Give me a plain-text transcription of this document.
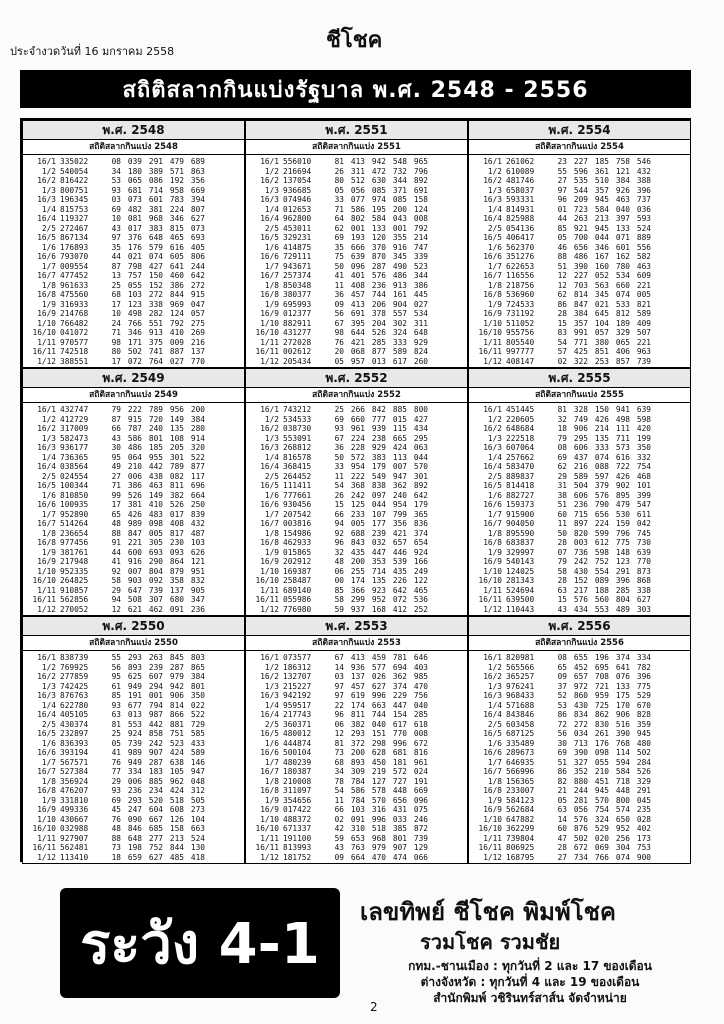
ประจำงวดวันที่ 16 มกราคม 2558	ชีโชค
สถิติสลากกินแบ่งรัฐบาล พ.ศ. 2548 - 2556
พ.ศ. 2548
สถิติสลากกินแบ่ง 2548
16/1 335022	08 039 291 479 689
1/2 540054	34 180 389 571 863
16/2 816422	53 065 086 192 356
1/3 800751	93 681 714 958 669
16/3 196345	03 073 601 783 394
1/4 815753	69 482 381 224 807
16/4 119327	10 081 968 346 627
2/5 272467	43 017 383 815 073
16/5 867134	97 376 648 465 693
1/6 176893	35 176 579 616 405
16/6 793070	44 021 074 605 806
1/7 009554	87 798 427 641 244
16/7 477452	13 757 150 460 642
1/8 961633	25 055 152 386 272
16/8 475560	68 103 272 844 915
1/9 316933	17 123 338 969 047
16/9 214768	10 498 282 124 057
1/10 766482	24 766 551 792 275
16/10 041072	71 346 913 410 269
1/11 970577	98 171 375 009 216
16/11 742518	80 502 741 887 137
1/12 388551	17 072 764 027 770
พ.ศ. 2551
สถิติสลากกินแบ่ง 2551
16/1 556010	81 413 942 548 965
1/2 216694	26 311 472 732 796
16/2 137054	80 512 630 344 892
1/3 936685	05 056 085 371 691
16/3 074946	33 077 974 085 158
1/4 012653	71 586 195 200 124
16/4 962800	64 802 584 043 008
2/5 453011	62 001 133 001 792
16/5 329231	69 193 120 355 214
1/6 414875	35 666 370 916 747
16/6 729111	75 639 870 345 339
1/7 943671	50 096 287 490 523
16/7 257374	41 401 576 486 344
1/8 850348	11 408 236 913 386
16/8 380377	36 457 744 161 445
1/9 695993	09 413 206 904 027
16/9 012377	56 691 378 557 534
1/10 882911	67 395 204 302 311
16/10 431277	98 644 526 324 648
1/11 272028	76 421 285 333 929
16/11 002612	20 068 877 589 824
1/12 205434	05 957 013 617 260
พ.ศ. 2554
สถิติสลากกินแบ่ง 2554
16/1 261062	23 227 185 758 546
1/2 610089	55 596 361 121 432
16/2 481746	27 535 510 384 388
1/3 658037	97 544 357 926 396
16/3 593331	96 209 945 463 737
1/4 814931	01 723 584 040 036
16/4 825988	44 263 213 397 593
2/5 054136	85 921 945 133 524
16/5 406417	05 700 044 071 889
1/6 562370	46 656 346 601 556
16/6 351276	88 486 167 162 582
1/7 622653	51 390 160 780 463
16/7 116556	12 227 052 534 609
1/8 218756	12 703 563 660 221
16/8 536960	62 814 345 074 005
1/9 724533	86 847 021 533 821
16/9 731192	28 384 645 812 589
1/10 511052	15 357 104 189 409
16/10 955756	83 991 057 329 507
1/11 805540	54 771 380 065 221
16/11 997777	57 425 851 406 963
1/12 408147	02 322 253 857 739
พ.ศ. 2549
สถิติสลากกินแบ่ง 2549
16/1 432747	79 222 789 956 200
1/2 412729	87 915 720 149 384
16/2 317009	66 787 240 135 280
1/3 582473	43 586 801 108 914
16/3 936177	30 486 185 205 320
1/4 736365	95 064 955 301 522
16/4 038564	49 210 442 789 877
2/5 024554	27 006 438 082 117
16/5 100344	71 386 463 811 696
1/6 810850	99 526 149 382 664
16/6 100935	17 381 410 526 250
1/7 952890	65 426 483 017 839
16/7 514264	48 989 098 408 432
1/8 236654	88 847 005 817 487
16/8 977456	91 221 305 230 103
1/9 381761	44 600 693 093 626
16/9 217948	41 916 290 864 121
1/10 952335	92 007 804 879 951
16/10 264825	58 903 092 358 832
1/11 910857	29 647 739 137 905
16/11 562856	94 508 307 680 347
1/12 270052	12 621 462 091 236
พ.ศ. 2552
สถิติสลากกินแบ่ง 2552
16/1 743212	25 266 842 885 800
1/2 534533	69 660 777 015 427
16/2 038730	93 961 939 115 434
1/3 553091	67 224 238 665 295
16/3 268812	36 228 929 424 063
1/4 816578	50 572 383 113 044
16/4 368415	33 954 179 007 570
2/5 264452	11 222 549 947 301
16/5 111411	54 368 838 362 892
1/6 777661	26 242 097 240 642
16/6 930456	15 125 044 954 179
1/7 207542	66 233 107 799 365
16/7 003816	94 005 177 356 836
1/8 154986	92 688 239 421 374
16/8 462933	96 843 032 657 654
1/9 015865	32 435 447 446 924
16/9 202912	48 200 353 539 166
1/10 169387	06 255 714 435 249
16/10 258487	00 174 135 226 122
1/11 689140	85 366 923 642 465
16/11 055986	58 299 952 072 536
1/12 776980	59 937 168 412 252
พ.ศ. 2555
สถิติสลากกินแบ่ง 2555
16/1 451445	81 328 150 941 639
1/2 220605	32 749 426 498 598
16/2 648684	18 906 214 111 420
1/3 222518	79 295 135 711 199
16/3 607064	08 606 333 573 350
1/4 257662	69 437 074 616 332
16/4 583470	62 216 088 722 754
2/5 889837	29 589 597 426 468
16/5 814418	31 504 379 902 101
1/6 882727	38 606 576 895 399
16/6 159373	51 236 790 479 547
1/7 915900	60 715 656 530 611
16/7 904050	11 897 224 159 042
1/8 895590	50 820 599 796 745
16/8 683837	28 003 612 775 730
1/9 329997	07 736 598 148 639
16/9 540143	79 242 752 123 770
1/10 124025	58 430 554 291 873
16/10 281343	28 152 089 396 868
1/11 524694	63 217 188 285 338
16/11 639500	15 576 560 804 627
1/12 110443	43 434 553 489 303
พ.ศ. 2550
สถิติสลากกินแบ่ง 2550
16/1 838739	55 293 263 845 803
1/2 769925	56 893 239 287 865
16/2 277859	95 625 607 979 384
1/3 742425	61 949 294 942 801
16/3 876763	85 191 001 906 350
1/4 622780	93 677 794 814 022
16/4 405105	63 013 987 866 522
2/5 430374	81 553 442 881 729
16/5 232897	25 924 858 751 585
1/6 836393	05 739 242 523 433
16/6 393194	41 989 907 424 589
1/7 567571	76 949 287 638 146
16/7 527384	77 334 183 105 947
1/8 356924	29 006 885 962 048
16/8 476207	93 236 234 424 312
1/9 331810	69 293 520 518 505
16/9 499336	45 247 604 608 273
1/10 430667	76 090 667 126 104
16/10 032988	48 846 685 158 663
1/11 927907	88 648 277 213 524
16/11 562481	73 198 752 844 130
1/12 113410	18 659 627 485 418
พ.ศ. 2553
สถิติสลากกินแบ่ง 2553
16/1 073577	67 413 459 781 646
1/2 186312	14 936 577 694 403
16/2 132707	03 137 026 362 985
1/3 215227	97 457 627 374 470
16/3 942192	97 619 996 229 756
1/4 959517	22 174 663 447 040
16/4 217743	96 811 744 154 285
2/5 360371	06 382 040 617 618
16/5 480012	12 293 151 770 008
1/6 444874	81 372 298 996 672
16/6 500104	73 200 628 681 816
1/7 480239	68 893 450 181 961
16/7 180387	34 309 219 572 024
1/8 210008	78 784 127 727 191
16/8 311097	54 586 578 448 669
1/9 354656	11 784 570 656 096
16/9 017422	66 103 316 431 075
1/10 488372	02 091 996 033 246
16/10 671337	42 310 518 385 872
1/11 191100	59 653 968 801 739
16/11 813993	43 763 979 907 129
1/12 181752	09 664 470 474 066
พ.ศ. 2556
สถิติสลากกินแบ่ง 2556
16/1 820981	08 655 196 374 334
1/2 565566	65 452 695 641 782
16/2 365257	09 657 708 076 396
1/3 976241	37 972 721 133 775
16/3 968433	52 860 959 175 529
1/4 571688	53 430 725 170 670
16/4 843846	86 834 862 906 828
2/5 603458	72 272 830 516 359
16/5 687125	56 034 261 390 945
1/6 335489	30 713 176 768 480
16/6 289673	69 390 098 114 502
1/7 646935	51 327 055 594 284
16/7 566996	86 352 210 584 526
1/8 156365	82 880 451 718 329
16/8 233007	21 244 945 448 291
1/9 584123	05 281 570 800 045
16/9 562684	63 056 754 574 235
1/10 647882	14 576 324 650 028
16/10 362299	60 876 529 952 402
1/11 739804	47 502 020 256 173
16/11 806925	28 672 069 304 753
1/12 168795	27 734 766 074 900
ระวัง 4-1	เลขทิพย์ ชีโชค พิมพ์โชค
รวมโชค รวมชัย
กทม.-ชานเมือง : ทุกวันที่ 2 และ 17 ของเดือน
ต่างจังหวัด : ทุกวันที่ 4 และ 19 ของเดือน
สำนักพิมพ์ วชิรินทร์สาส์น จัดจำหน่าย
2
